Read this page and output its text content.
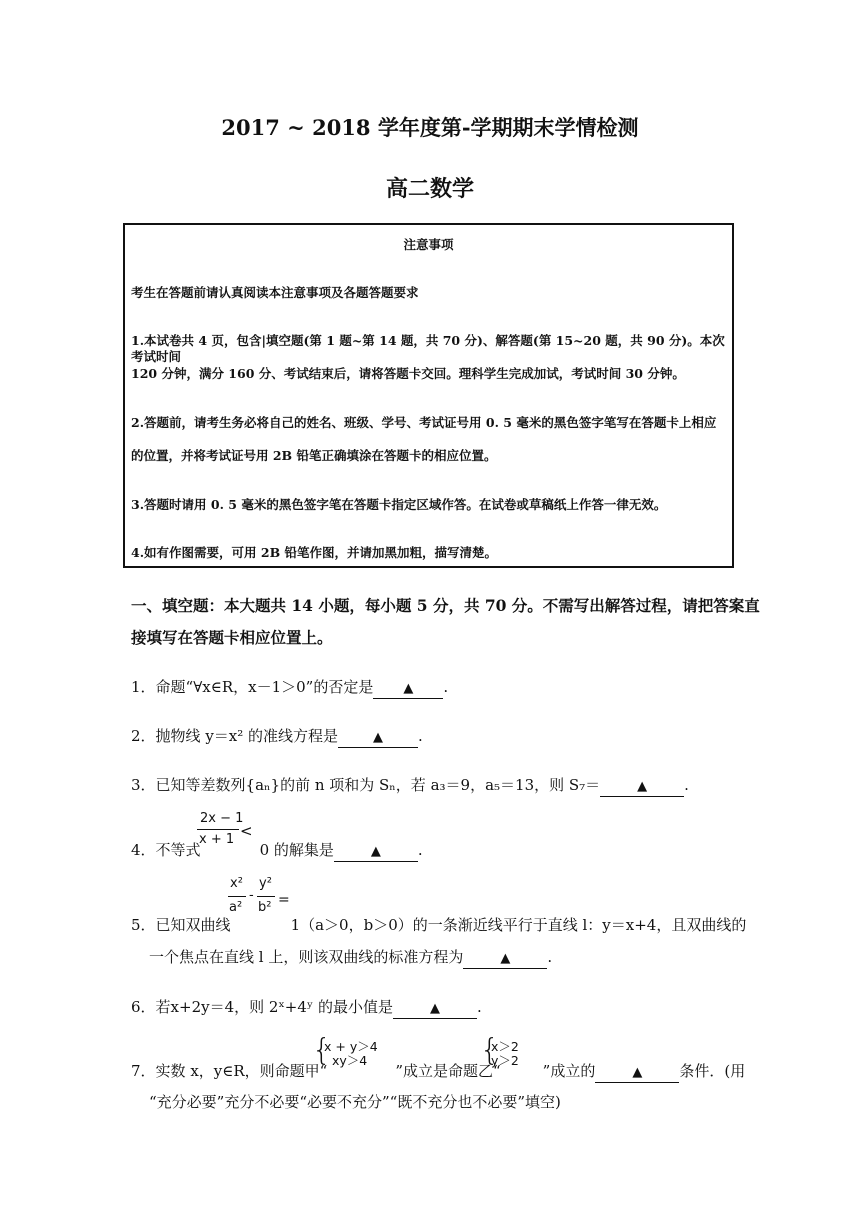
2017 ~ 2018 学年度第-学期期末学情检测
高二数学
注意事项
考生在答题前请认真阅读本注意事项及各题答题要求
1.本试卷共 4 页，包含|填空题(第 1 题~第 14 题，共 70 分)、解答题(第 15~20 题，共 90 分)。本次考试时间
120 分钟，满分 160 分、考试结束后，请将答题卡交回。理科学生完成加试，考试时间 30 分钟。
2.答题前，请考生务必将自己的姓名、班级、学号、考试证号用 0. 5 毫米的黑色签字笔写在答题卡上相应
的位置，并将考试证号用 2B 铅笔正确填涂在答题卡的相应位置。
3.答题时请用 0. 5 毫米的黑色签字笔在答题卡指定区域作答。在试卷或草稿纸上作答一律无效。
4.如有作图需要，可用 2B 铅笔作图，并请加黑加粗，描写清楚。
一、填空题：本大题共 14 小题，每小题 5 分，共 70 分。不需写出解答过程，请把答案直
接填写在答题卡相应位置上。
1．命题“∀x∈R，x－1＞0”的否定是 ▲ .
2．抛物线 y＝x² 的准线方程是	▲ .
3．已知等差数列{aₙ}的前 n 项和为 Sₙ，若 a₃＝9，a₅＝13，则 S₇＝	▲ .
2x − 1
x + 1 <
4．不等式	0 的解集是	▲ .
x²
a²
-
y²
b² =
5．已知双曲线	1（a＞0，b＞0）的一条渐近线平行于直线 l：y＝x+4，且双曲线的
一个焦点在直线 l 上，则该双曲线的标准方程为	▲ .
6．若x+2y＝4，则 2ˣ+4ʸ 的最小值是	▲ .
{
x + y＞4
xy＞4	{
x＞2
y＞2
7．实数 x，y∈R，则命题甲“	”成立是命题乙“	”成立的	▲ 条件．(用
“充分必要”充分不必要“必要不充分”“既不充分也不必要”填空)
